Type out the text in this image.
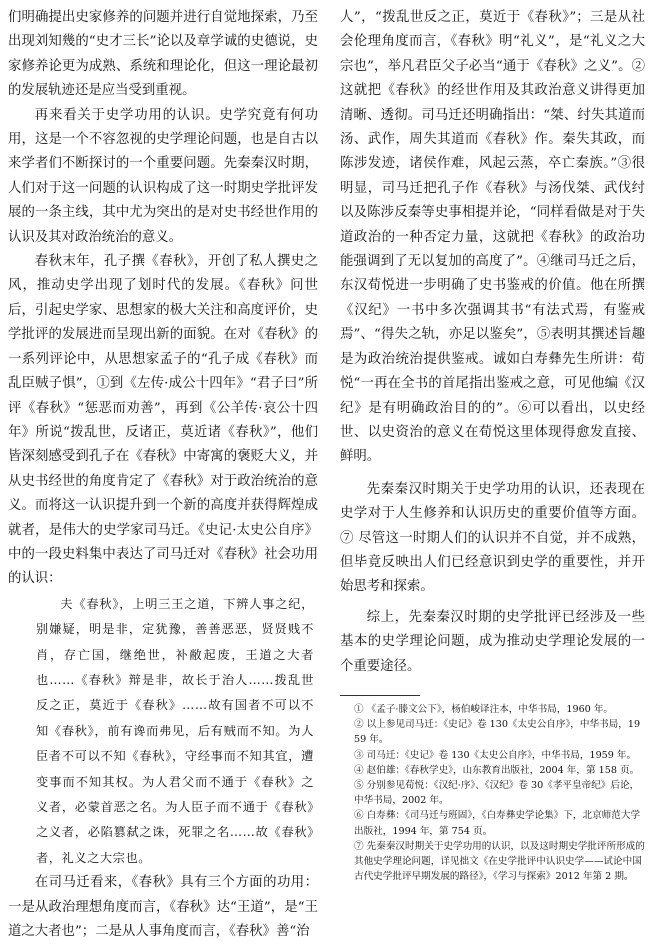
们明确提出史家修养的问题并进行自觉地探索，乃至出现刘知幾的“史才三长”论以及章学诚的史德说，史家修养论更为成熟、系统和理论化，但这一理论最初的发展轨迹还是应当受到重视。

再来看关于史学功用的认识。史学究竟有何功用，这是一个不容忽视的史学理论问题，也是自古以来学者们不断探讨的一个重要问题。先秦秦汉时期，人们对于这一问题的认识构成了这一时期史学批评发展的一条主线，其中尤为突出的是对史书经世作用的认识及其对政治统治的意义。

春秋末年，孔子撰《春秋》，开创了私人撰史之风，推动史学出现了划时代的发展。《春秋》问世后，引起史学家、思想家的极大关注和高度评价，史学批评的发展进而呈现出新的面貌。在对《春秋》的一系列评论中，从思想家孟子的“孔子成《春秋》而乱臣贼子惧”，①到《左传·成公十四年》“君子曰”所评《春秋》“惩恶而劝善”，再到《公羊传·哀公十四年》所说“拨乱世，反诸正，莫近诸《春秋》”，他们皆深刻感受到孔子在《春秋》中寄寓的褒贬大义，并从史书经世的角度肯定了《春秋》对于政治统治的意义。而将这一认识提升到一个新的高度并获得辉煌成就者，是伟大的史学家司马迁。《史记·太史公自序》中的一段史料集中表达了司马迁对《春秋》社会功用的认识：

夫《春秋》，上明三王之道，下辨人事之纪，别嫌疑，明是非，定犹豫，善善恶恶，贤贤贱不肖，存亡国，继绝世，补敝起废，王道之大者也……《春秋》辩是非，故长于治人……拨乱世反之正，莫近于《春秋》……故有国者不可以不知《春秋》，前有谗而弗见，后有贼而不知。为人臣者不可以不知《春秋》，守经事而不知其宜，遭变事而不知其权。为人君父而不通于《春秋》之义者，必蒙首恶之名。为人臣子而不通于《春秋》之义者，必陷篡弑之诛，死罪之名……故《春秋》者，礼义之大宗也。

在司马迁看来，《春秋》具有三个方面的功用：一是从政治理想角度而言，《春秋》达“王道”，是“王道之大者也”；二是从人事角度而言，《春秋》善“治

人”，“拨乱世反之正，莫近于《春秋》”；三是从社会伦理角度而言，《春秋》明“礼义”，是“礼义之大宗也”，举凡君臣父子必当“通于《春秋》之义”。② 这就把《春秋》的经世作用及其政治意义讲得更加清晰、透彻。司马迁还明确指出：“桀、纣失其道而汤、武作，周失其道而《春秋》作。秦失其政，而陈涉发迹，诸侯作难，风起云蒸，卒亡秦族。”③很明显，司马迁把孔子作《春秋》与汤伐桀、武伐纣以及陈涉反秦等史事相提并论，“同样看做是对于失道政治的一种否定力量，这就把《春秋》的政治功能强调到了无以复加的高度了”。④继司马迁之后，东汉荀悦进一步明确了史书鉴戒的价值。他在所撰《汉纪》一书中多次强调其书“有法式焉，有鉴戒焉”、“得失之轨，亦足以鉴矣”，⑤表明其撰述旨趣是为政治统治提供鉴戒。诚如白寿彝先生所讲：荀悦“一再在全书的首尾指出鉴戒之意，可见他编《汉纪》是有明确政治目的的”。⑥可以看出，以史经世、以史资治的意义在荀悦这里体现得愈发直接、鲜明。

先秦秦汉时期关于史学功用的认识，还表现在史学对于人生修养和认识历史的重要价值等方面。⑦ 尽管这一时期人们的认识并不自觉，并不成熟，但毕竟反映出人们已经意识到史学的重要性，并开始思考和探索。

综上，先秦秦汉时期的史学批评已经涉及一些基本的史学理论问题，成为推动史学理论发展的一个重要途径。

① 《孟子·滕文公下》，杨伯峻译注本，中华书局，1960 年。

② 以上参见司马迁：《史记》卷 130《太史公自序》，中华书局，1959 年。

③ 司马迁：《史记》卷 130《太史公自序》，中华书局，1959 年。

④ 赵伯雄：《春秋学史》，山东教育出版社，2004 年，第 158 页。

⑤ 分别参见荀悦：《汉纪·序》、《汉纪》卷 30《孝平皇帝纪》后论，中华书局，2002 年。

⑥ 白寿彝：《司马迁与班固》，《白寿彝史学论集》下，北京师范大学出版社，1994 年，第 754 页。

⑦ 先秦秦汉时期关于史学功用的认识，以及这时期史学批评所形成的其他史学理论问题，详见拙文《在史学批评中认识史学——试论中国古代史学批评早期发展的路径》，《学习与探索》2012 年第 2 期。
